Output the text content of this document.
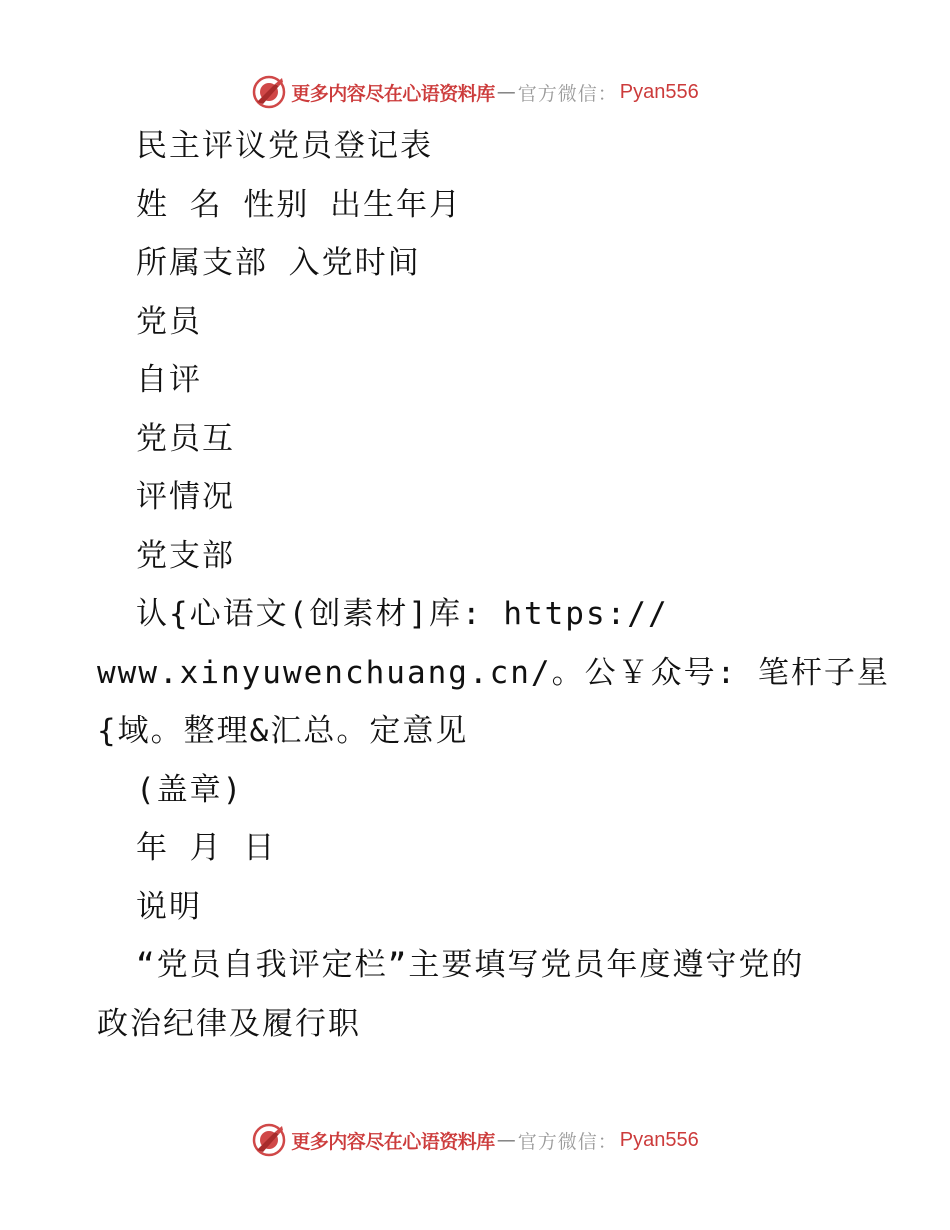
更多内容尽在心语资料库 — 官方微信： Pyan556
民主评议党员登记表
姓 名 性别 出生年月
所属支部 入党时间
党员
自评
党员互
评情况
党支部
认{心语文(创素材]库: https://
www.xinyuwenchuang.cn/。公￥众号: 笔杆子星
{域。整理&汇总。定意见
(盖章)
年 月 日
说明
“党员自我评定栏”主要填写党员年度遵守党的
政治纪律及履行职
更多内容尽在心语资料库 — 官方微信： Pyan556
